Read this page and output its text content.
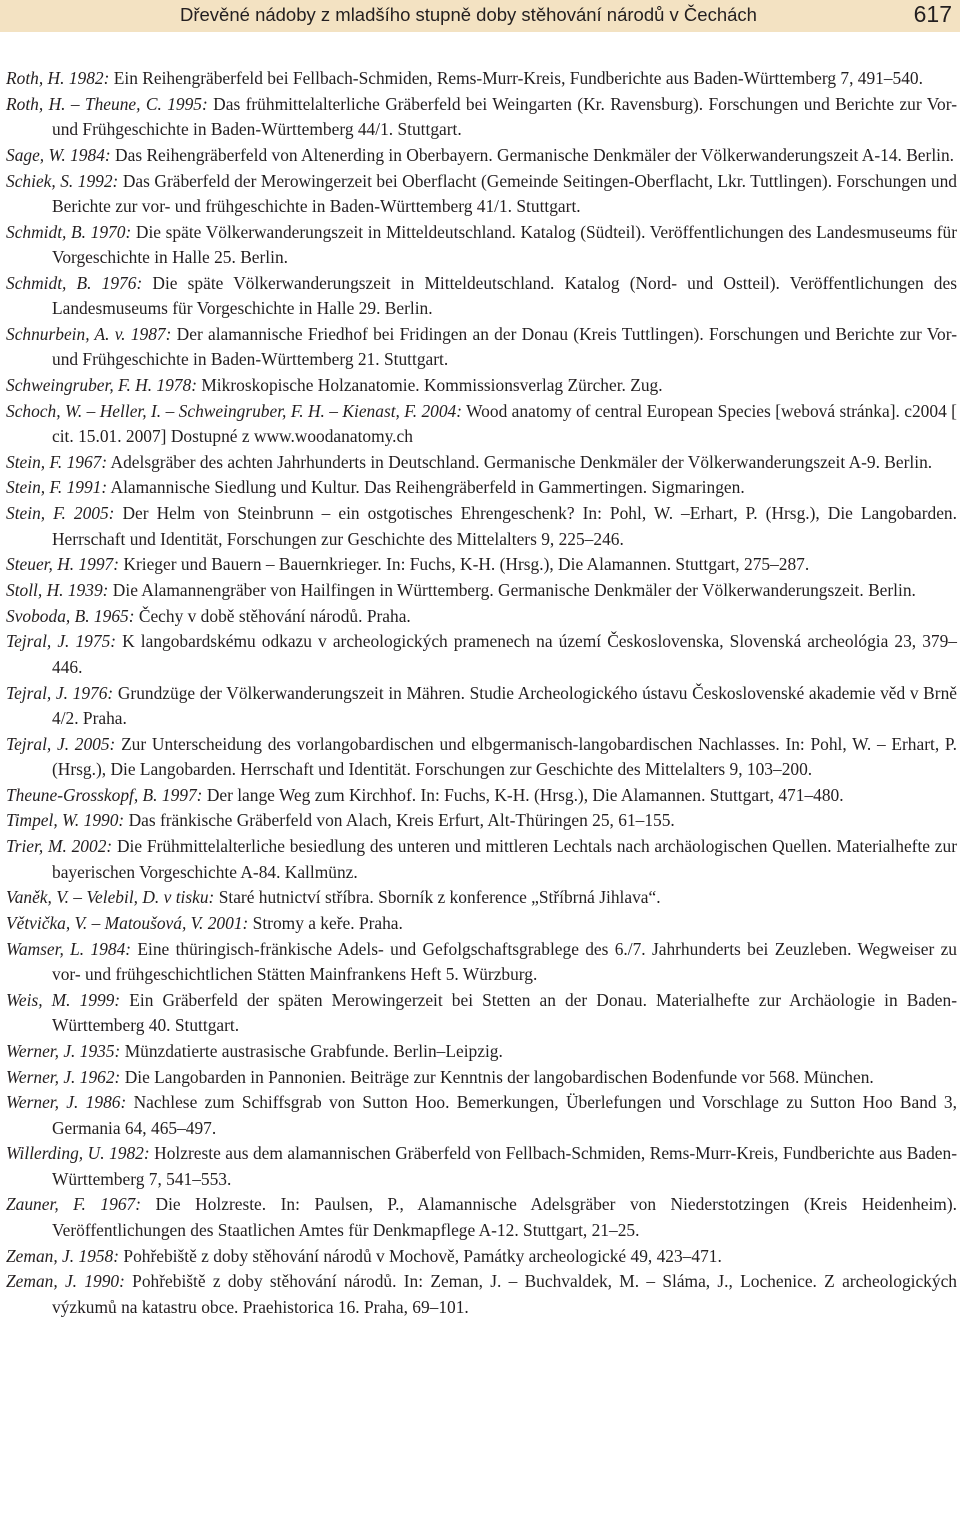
Dřevěné nádoby z mladšího stupně doby stěhování národů v Čechách	617

Roth, H. 1982: Ein Reihengräberfeld bei Fellbach-Schmiden, Rems-Murr-Kreis, Fundberichte aus Baden-Württemberg 7, 491–540.

Roth, H. – Theune, C. 1995: Das frühmittelalterliche Gräberfeld bei Weingarten (Kr. Ravensburg). Forschungen und Berichte zur Vor- und Frühgeschichte in Baden-Württemberg 44/1. Stuttgart.

Sage, W. 1984: Das Reihengräberfeld von Altenerding in Oberbayern. Germanische Denkmäler der Völkerwanderungszeit A-14. Berlin.

Schiek, S. 1992: Das Gräberfeld der Merowingerzeit bei Oberflacht (Gemeinde Seitingen-Oberflacht, Lkr. Tuttlingen). Forschungen und Berichte zur vor- und frühgeschichte in Baden-Württemberg 41/1. Stuttgart.

Schmidt, B. 1970: Die späte Völkerwanderungszeit in Mitteldeutschland. Katalog (Südteil). Veröffentlichungen des Landesmuseums für Vorgeschichte in Halle 25. Berlin.

Schmidt, B. 1976: Die späte Völkerwanderungszeit in Mitteldeutschland. Katalog (Nord- und Ostteil). Veröffentlichungen des Landesmuseums für Vorgeschichte in Halle 29. Berlin.

Schnurbein, A. v. 1987: Der alamannische Friedhof bei Fridingen an der Donau (Kreis Tuttlingen). Forschungen und Berichte zur Vor- und Frühgeschichte in Baden-Württemberg 21. Stuttgart.

Schweingruber, F. H. 1978: Mikroskopische Holzanatomie. Kommissionsverlag Zürcher. Zug.

Schoch, W. – Heller, I. – Schweingruber, F. H. – Kienast, F. 2004: Wood anatomy of central European Species [webová stránka]. c2004 [ cit. 15.01. 2007] Dostupné z www.woodanatomy.ch

Stein, F. 1967: Adelsgräber des achten Jahrhunderts in Deutschland. Germanische Denkmäler der Völkerwanderungszeit A-9. Berlin.

Stein, F. 1991: Alamannische Siedlung und Kultur. Das Reihengräberfeld in Gammertingen. Sigmaringen.

Stein, F. 2005: Der Helm von Steinbrunn – ein ostgotisches Ehrengeschenk? In: Pohl, W. –Erhart, P. (Hrsg.), Die Langobarden. Herrschaft und Identität, Forschungen zur Geschichte des Mittelalters 9, 225–246.

Steuer, H. 1997: Krieger und Bauern – Bauernkrieger. In: Fuchs, K-H. (Hrsg.), Die Alamannen. Stuttgart, 275–287.

Stoll, H. 1939: Die Alamannengräber von Hailfingen in Württemberg. Germanische Denkmäler der Völkerwanderungszeit. Berlin.

Svoboda, B. 1965: Čechy v době stěhování národů. Praha.

Tejral, J. 1975: K langobardskému odkazu v archeologických pramenech na území Československa, Slovenská archeológia 23, 379–446.

Tejral, J. 1976: Grundzüge der Völkerwanderungszeit in Mähren. Studie Archeologického ústavu Československé akademie věd v Brně 4/2. Praha.

Tejral, J. 2005: Zur Unterscheidung des vorlangobardischen und elbgermanisch-langobardischen Nachlasses. In: Pohl, W. – Erhart, P. (Hrsg.), Die Langobarden. Herrschaft und Identität. Forschungen zur Geschichte des Mittelalters 9, 103–200.

Theune-Grosskopf, B. 1997: Der lange Weg zum Kirchhof. In: Fuchs, K-H. (Hrsg.), Die Alamannen. Stuttgart, 471–480.

Timpel, W. 1990: Das fränkische Gräberfeld von Alach, Kreis Erfurt, Alt-Thüringen 25, 61–155.

Trier, M. 2002: Die Frühmittelalterliche besiedlung des unteren und mittleren Lechtals nach archäologischen Quellen. Materialhefte zur bayerischen Vorgeschichte A-84. Kallmünz.

Vaněk, V. – Velebil, D. v tisku: Staré hutnictví stříbra. Sborník z konference „Stříbrná Jihlava“.

Větvička, V. – Matoušová, V. 2001: Stromy a keře. Praha.

Wamser, L. 1984: Eine thüringisch-fränkische Adels- und Gefolgschaftsgrablege des 6./7. Jahrhunderts bei Zeuzleben. Wegweiser zu vor- und frühgeschichtlichen Stätten Mainfrankens Heft 5. Würzburg.

Weis, M. 1999: Ein Gräberfeld der späten Merowingerzeit bei Stetten an der Donau. Materialhefte zur Archäologie in Baden-Württemberg 40. Stuttgart.

Werner, J. 1935: Münzdatierte austrasische Grabfunde. Berlin–Leipzig.

Werner, J. 1962: Die Langobarden in Pannonien. Beiträge zur Kenntnis der langobardischen Bodenfunde vor 568. München.

Werner, J. 1986: Nachlese zum Schiffsgrab von Sutton Hoo. Bemerkungen, Überlefungen und Vorschlage zu Sutton Hoo Band 3, Germania 64, 465–497.

Willerding, U. 1982: Holzreste aus dem alamannischen Gräberfeld von Fellbach-Schmiden, Rems-Murr-Kreis, Fundberichte aus Baden-Württemberg 7, 541–553.

Zauner, F. 1967: Die Holzreste. In: Paulsen, P., Alamannische Adelsgräber von Niederstotzingen (Kreis Heidenheim). Veröffentlichungen des Staatlichen Amtes für Denkmapflege A-12. Stuttgart, 21–25.

Zeman, J. 1958: Pohřebiště z doby stěhování národů v Mochově, Památky archeologické 49, 423–471.

Zeman, J. 1990: Pohřebiště z doby stěhování národů. In: Zeman, J. – Buchvaldek, M. – Sláma, J., Lochenice. Z archeologických výzkumů na katastru obce. Praehistorica 16. Praha, 69–101.
